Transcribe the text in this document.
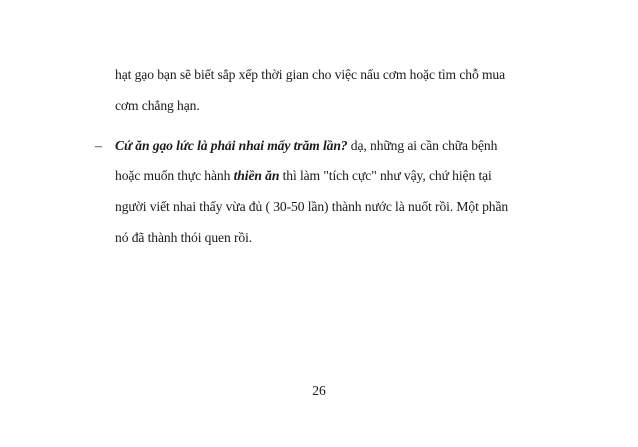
hạt gạo bạn sẽ biết sắp xếp thời gian cho việc nấu cơm hoặc tìm chỗ mua
cơm chẳng hạn.
– Cứ ăn gạo lức là phải nhai mấy trăm lần? dạ, những ai cần chữa bệnh
hoặc muốn thực hành thiền ăn thì làm "tích cực" như vậy, chứ hiện tại
người viết nhai thấy vừa đủ ( 30-50 lần) thành nước là nuốt rồi. Một phần
nó đã thành thói quen rồi.
26
